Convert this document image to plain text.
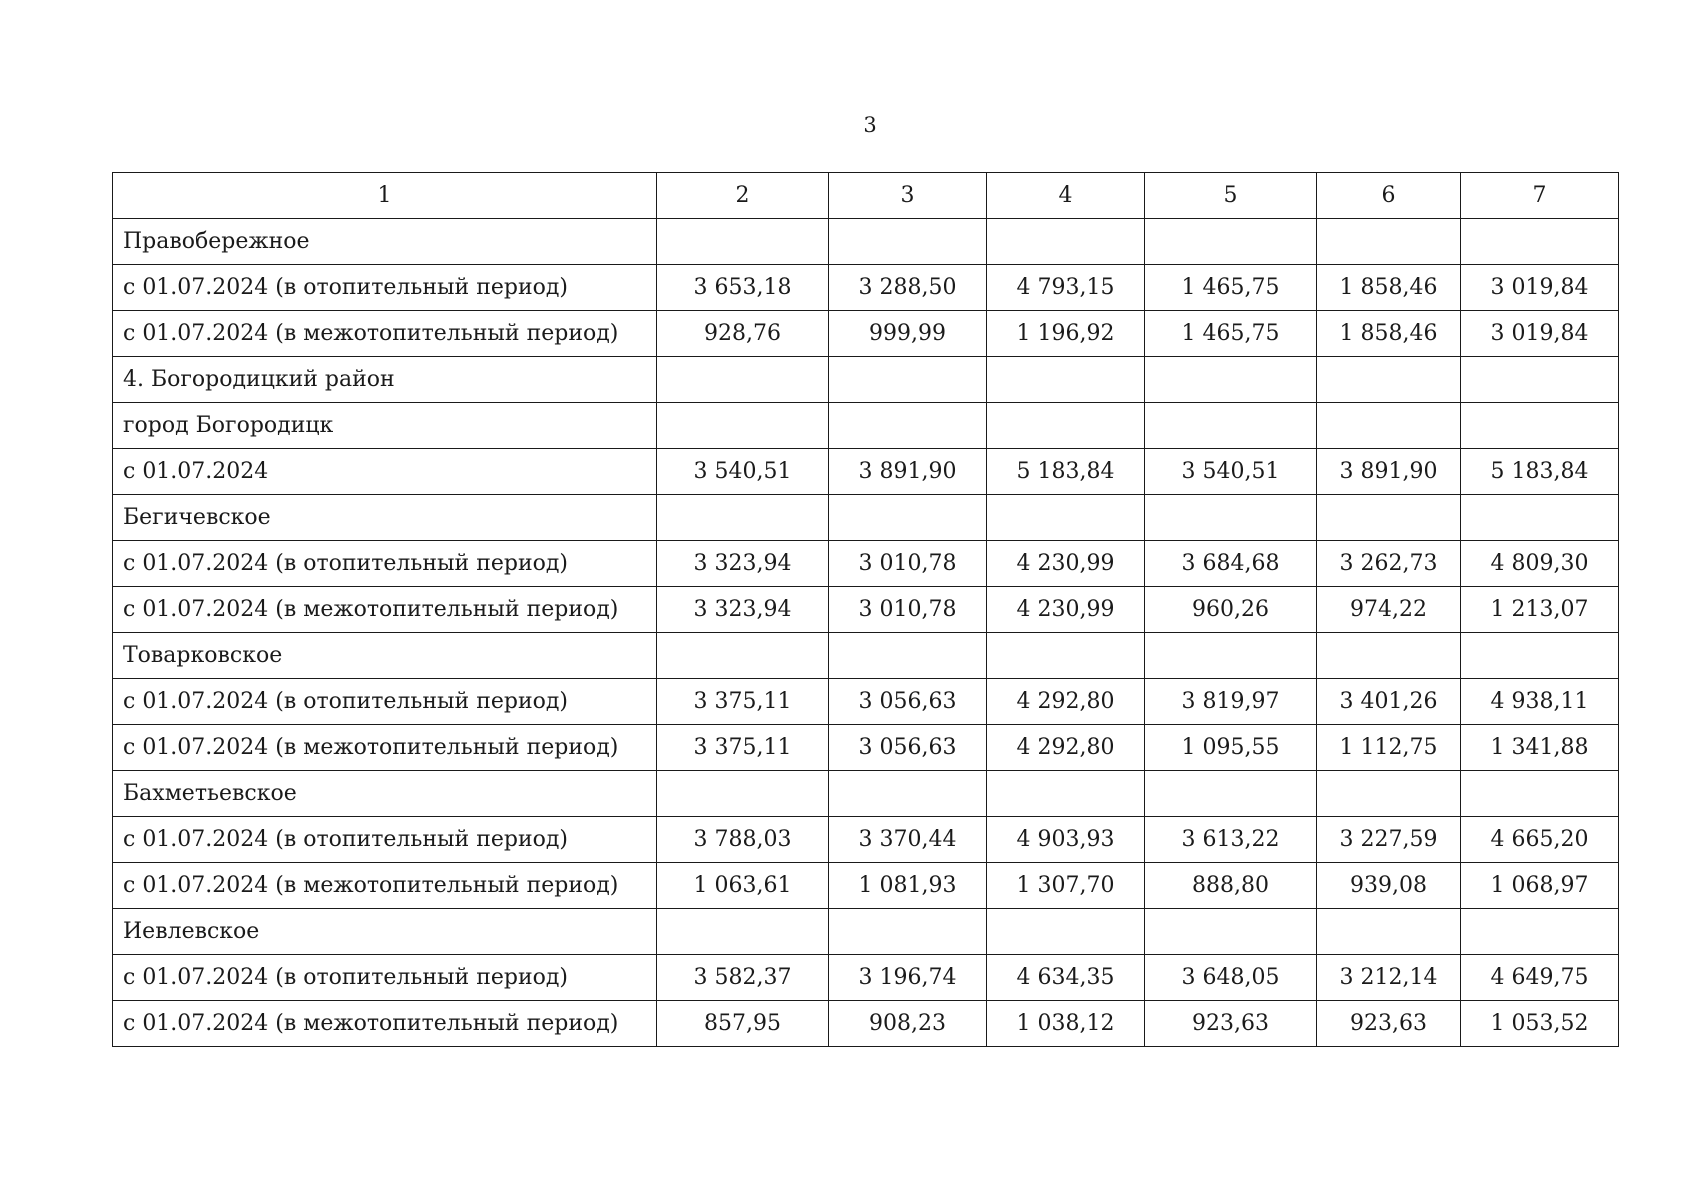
3
1	2	3	4	5	6	7
Правобережное						
с 01.07.2024 (в отопительный период)	3 653,18	3 288,50	4 793,15	1 465,75	1 858,46	3 019,84
с 01.07.2024 (в межотопительный период)	928,76	999,99	1 196,92	1 465,75	1 858,46	3 019,84
4. Богородицкий район						
город Богородицк						
с 01.07.2024	3 540,51	3 891,90	5 183,84	3 540,51	3 891,90	5 183,84
Бегичевское						
с 01.07.2024 (в отопительный период)	3 323,94	3 010,78	4 230,99	3 684,68	3 262,73	4 809,30
с 01.07.2024 (в межотопительный период)	3 323,94	3 010,78	4 230,99	960,26	974,22	1 213,07
Товарковское						
с 01.07.2024 (в отопительный период)	3 375,11	3 056,63	4 292,80	3 819,97	3 401,26	4 938,11
с 01.07.2024 (в межотопительный период)	3 375,11	3 056,63	4 292,80	1 095,55	1 112,75	1 341,88
Бахметьевское						
с 01.07.2024 (в отопительный период)	3 788,03	3 370,44	4 903,93	3 613,22	3 227,59	4 665,20
с 01.07.2024 (в межотопительный период)	1 063,61	1 081,93	1 307,70	888,80	939,08	1 068,97
Иевлевское						
с 01.07.2024 (в отопительный период)	3 582,37	3 196,74	4 634,35	3 648,05	3 212,14	4 649,75
с 01.07.2024 (в межотопительный период)	857,95	908,23	1 038,12	923,63	923,63	1 053,52
